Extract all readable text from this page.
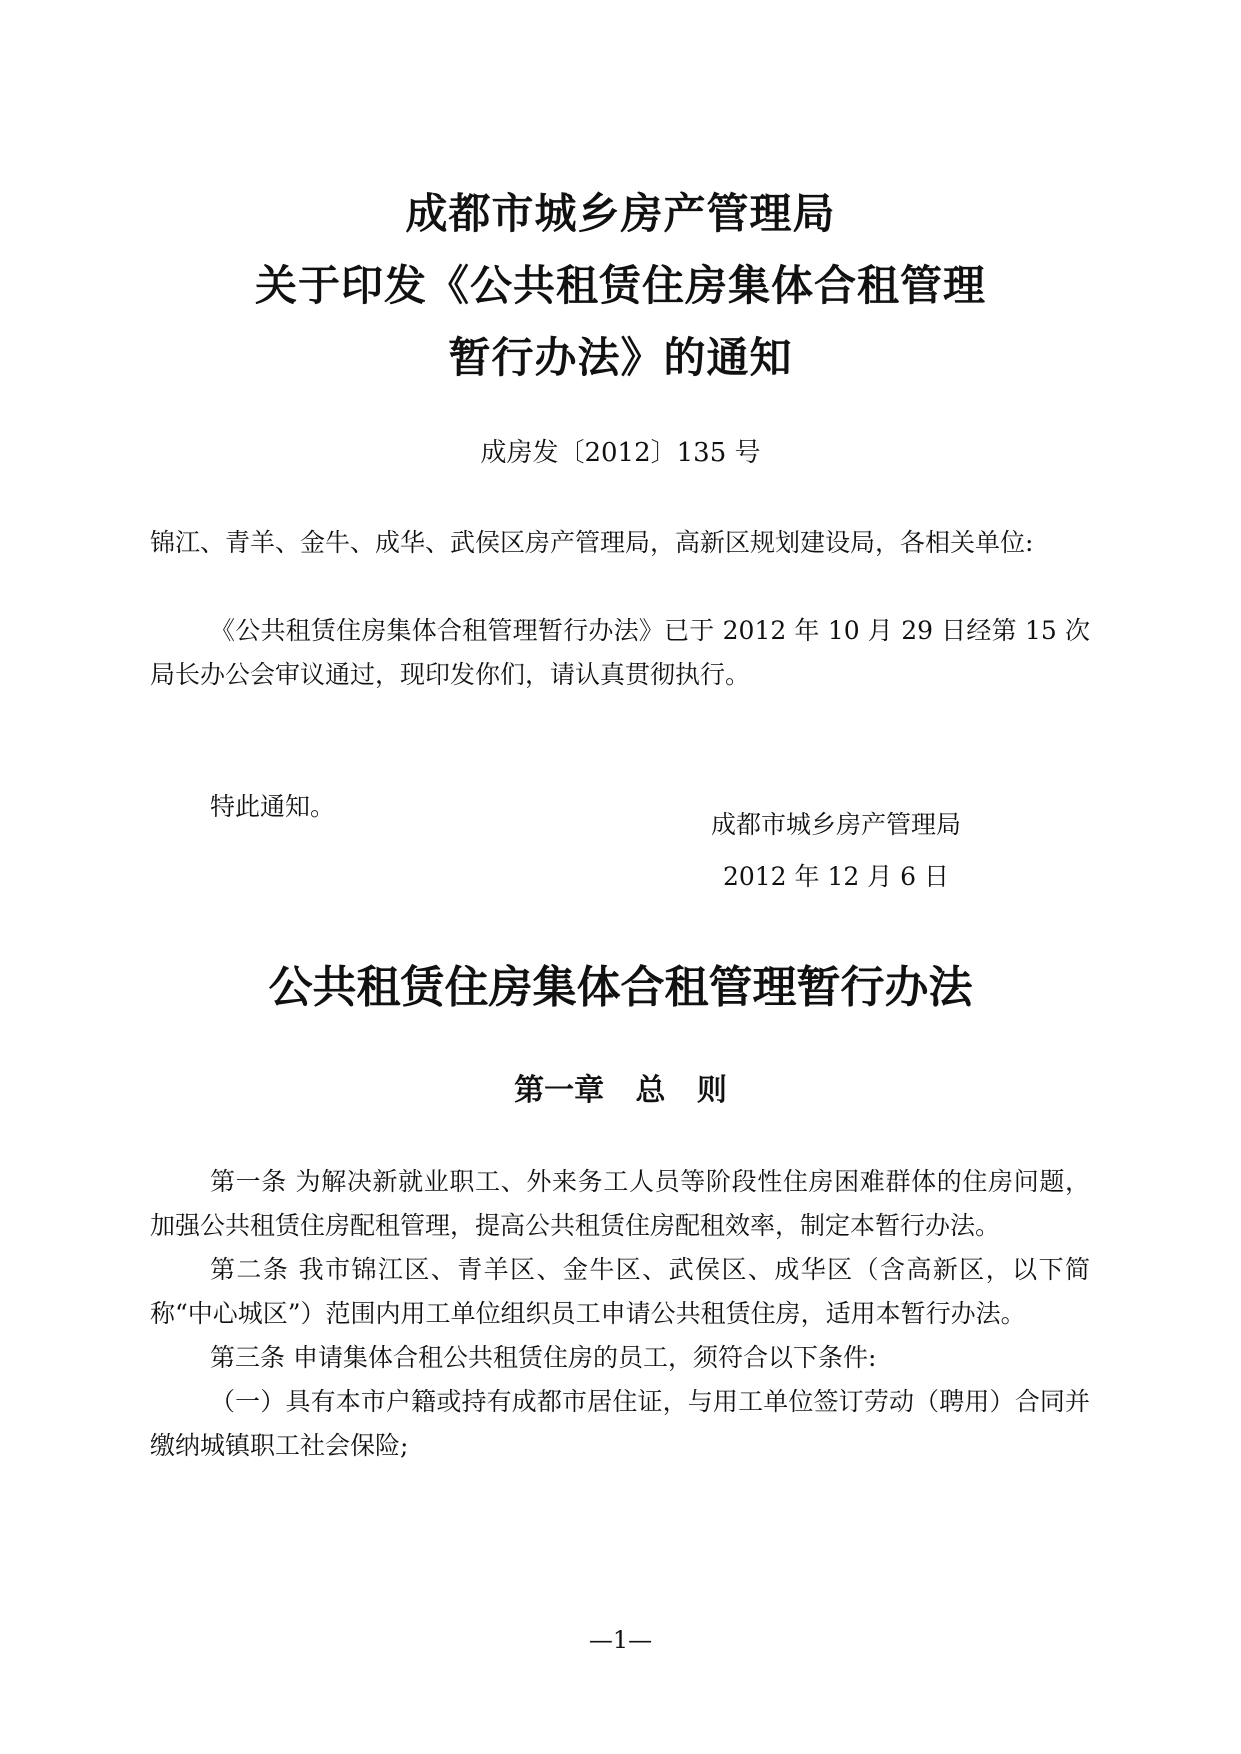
成都市城乡房产管理局
关于印发《公共租赁住房集体合租管理
暂行办法》的通知
成房发〔2012〕135 号
锦江、青羊、金牛、成华、武侯区房产管理局，高新区规划建设局，各相关单位:
《公共租赁住房集体合租管理暂行办法》已于 2012 年 10 月 29 日经第 15 次局长办公会审议通过，现印发你们，请认真贯彻执行。
特此通知。
成都市城乡房产管理局
2012 年 12 月 6 日
公共租赁住房集体合租管理暂行办法
第一章   总   则

第一条 为解决新就业职工、外来务工人员等阶段性住房困难群体的住房问题，加强公共租赁住房配租管理，提高公共租赁住房配租效率，制定本暂行办法。

第二条 我市锦江区、青羊区、金牛区、武侯区、成华区（含高新区，以下简称“中心城区”）范围内用工单位组织员工申请公共租赁住房，适用本暂行办法。

第三条 申请集体合租公共租赁住房的员工，须符合以下条件:

（一）具有本市户籍或持有成都市居住证，与用工单位签订劳动（聘用）合同并缴纳城镇职工社会保险;

—1—
